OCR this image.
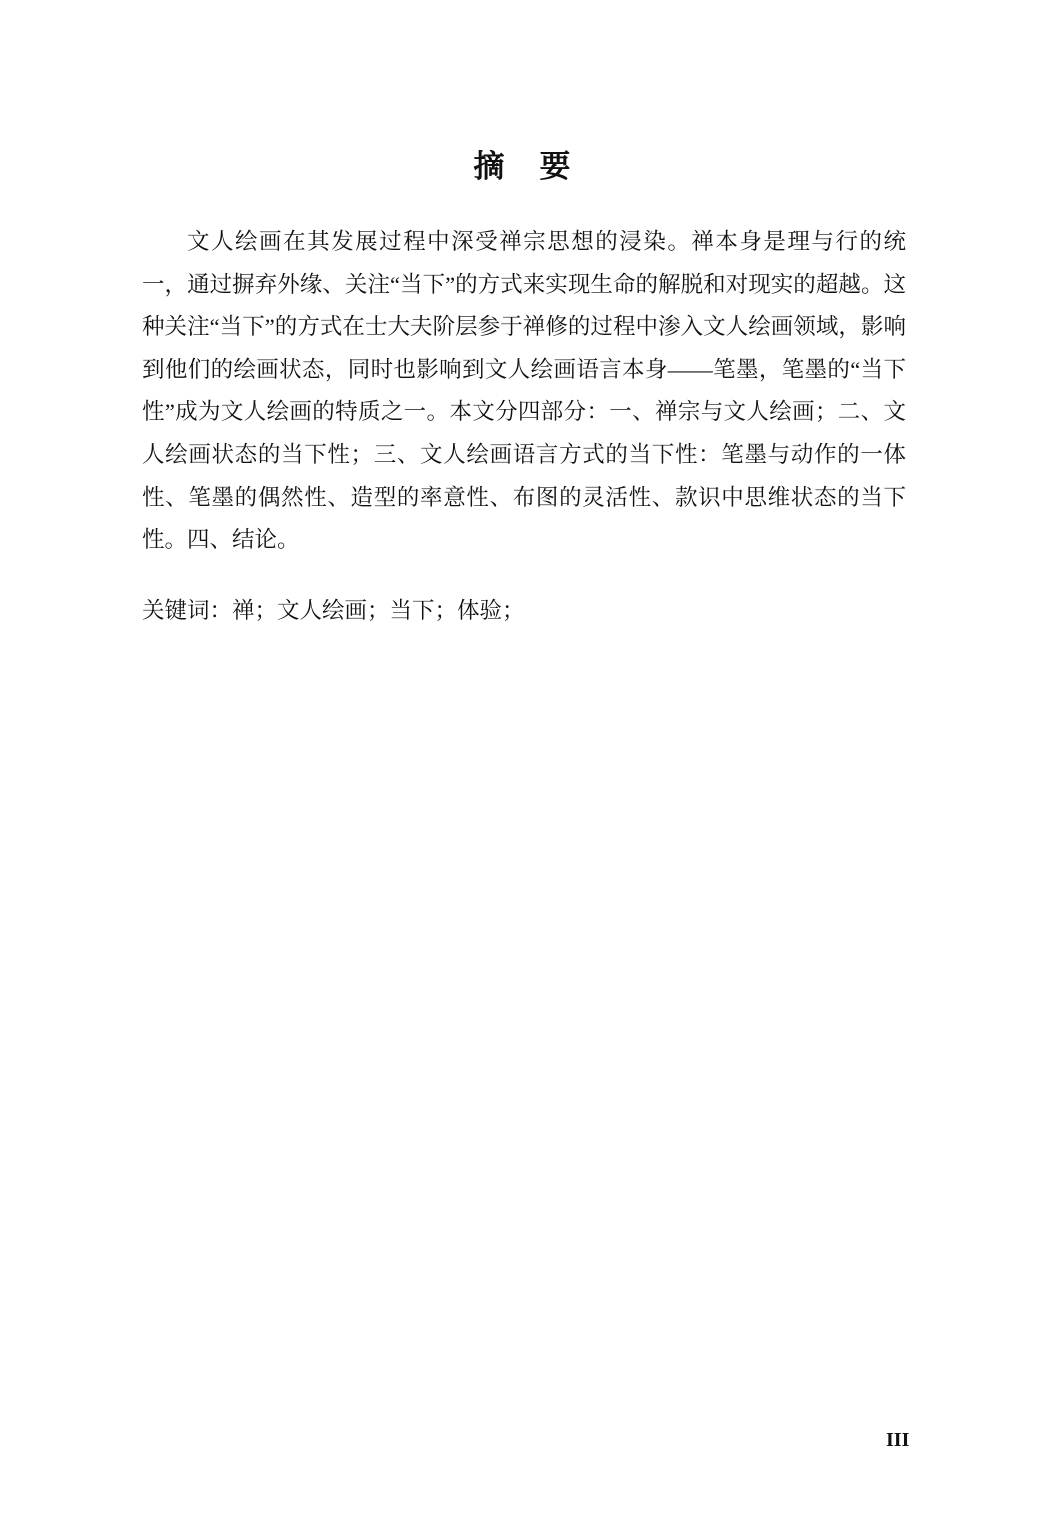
摘　要

文人绘画在其发展过程中深受禅宗思想的浸染。禅本身是理与行的统一，通过摒弃外缘、关注“当下”的方式来实现生命的解脱和对现实的超越。这种关注“当下”的方式在士大夫阶层参于禅修的过程中渗入文人绘画领域，影响到他们的绘画状态，同时也影响到文人绘画语言本身——笔墨，笔墨的“当下性”成为文人绘画的特质之一。本文分四部分：一、禅宗与文人绘画；二、文人绘画状态的当下性；三、文人绘画语言方式的当下性：笔墨与动作的一体性、笔墨的偶然性、造型的率意性、布图的灵活性、款识中思维状态的当下性。四、结论。

关键词：禅；文人绘画；当下；体验；

III
